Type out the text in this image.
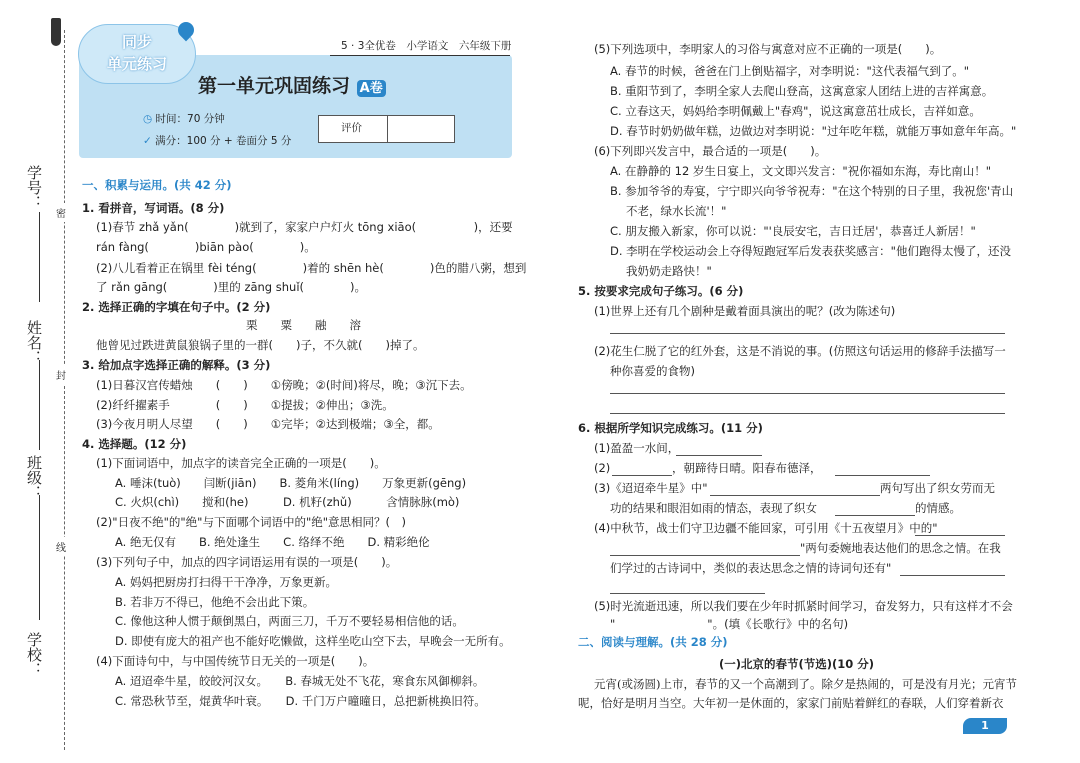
学号：
姓名：
班级：
学校：
密
封
线
同步
单元练习
5 · 3全优卷　小学语文　六年级下册
第一单元巩固练习 A卷
◷ 时间：70 分钟
✓ 满分：100 分 + 卷面分 5 分
评价
一、积累与运用。(共 42 分)
1. 看拼音，写词语。(8 分)
(1)春节 zhǎ yǎn(　　　　)就到了，家家户户灯火 tōng xiāo(　　　　　)，还要
rán fàng(　　　　)biān pào(　　　　)。
(2)八儿看着正在锅里 fèi téng(　　　　)着的 shēn hè(　　　　)色的腊八粥，想到
了 rǎn gāng(　　　　)里的 zāng shuǐ(　　　　)。
2. 选择正确的字填在句子中。(2 分)
栗　　粟　　融　　溶
他曾见过跌进黄鼠狼锅子里的一群(　　)子，不久就(　　)掉了。
3. 给加点字选择正确的解释。(3 分)
(1)日暮汉宫传蜡烛　　(　　)　　①傍晚；②(时间)将尽，晚；③沉下去。
(2)纤纤擢素手　　　　(　　)　　①提拔；②伸出；③洗。
(3)今夜月明人尽望　　(　　)　　①完毕；②达到极端；③全，都。
4. 选择题。(12 分)
(1)下面词语中，加点字的读音完全正确的一项是(　　)。
A. 唾沫(tuò)　　闫断(jiān)　　B. 菱角米(líng)　　万象更新(gēng)
C. 火炽(chì)　　搅和(he)　　　D. 机籽(zhǔ)　　　含情脉脉(mò)
(2)"日夜不绝"的"绝"与下面哪个词语中的"绝"意思相同？(　)
A. 绝无仅有　　B. 绝处逢生　　C. 络绎不绝　　D. 精彩绝伦
(3)下列句子中，加点的四字词语运用有误的一项是(　　)。
A. 妈妈把厨房打扫得干干净净，万象更新。
B. 若非万不得已，他绝不会出此下策。
C. 像他这种人惯于颠倒黑白，两面三刀，千万不要轻易相信他的话。
D. 即使有庞大的祖产也不能好吃懒做，这样坐吃山空下去，早晚会一无所有。
(4)下面诗句中，与中国传统节日无关的一项是(　　)。
A. 迢迢牵牛星，皎皎河汉女。　　B. 春城无处不飞花，寒食东风御柳斜。
C. 常恐秋节至，焜黄华叶衰。　　D. 千门万户曈曈日，总把新桃换旧符。
(5)下列选项中，李明家人的习俗与寓意对应不正确的一项是(　　)。
A. 春节的时候，爸爸在门上倒贴福字，对李明说："这代表福气到了。"
B. 重阳节到了，李明全家人去爬山登高，这寓意家人团结上进的吉祥寓意。
C. 立春这天，妈妈给李明佩戴上"春鸡"，说这寓意茁壮成长，吉祥如意。
D. 春节时奶奶做年糕，边做边对李明说："过年吃年糕，就能万事如意年年高。"
(6)下列即兴发言中，最合适的一项是(　　)。
A. 在静静的 12 岁生日宴上，文文即兴发言："祝你福如东海，寿比南山！"
B. 参加爷爷的寿宴，宁宁即兴向爷爷祝寿："在这个特别的日子里，我祝您'青山
不老，绿水长流'！"
C. 朋友搬入新家，你可以说："'良辰安宅，吉日迁居'，恭喜迁人新居！"
D. 李明在学校运动会上夺得短跑冠军后发表获奖感言："他们跑得太慢了，还没
我奶奶走路快！"
5. 按要求完成句子练习。(6 分)
(1)世界上还有几个剧种是戴着面具演出的呢？(改为陈述句)
(2)花生仁脱了它的红外套，这是不消说的事。(仿照这句话运用的修辞手法描写一
种你喜爱的食物)
6. 根据所学知识完成练习。(11 分)
(1)盈盈一水间，
(2)	，朝蹄待日晴。阳春布德泽，
(3)《迢迢牵牛星》中"	两句写出了织女劳而无
功的结果和眼泪如雨的情态，表现了织女	的情感。
(4)中秋节，战士们守卫边疆不能回家，可引用《十五夜望月》中的"
"两句委婉地表达他们的思念之情。在我
们学过的古诗词中，类似的表达思念之情的诗词句还有"
(5)时光流逝迅速，所以我们要在少年时抓紧时间学习，奋发努力，只有这样才不会
"　　　　　　　　"。(填《长歌行》中的名句)
二、阅读与理解。(共 28 分)
(一)北京的春节(节选)(10 分)
元宵(或汤圆)上市，春节的又一个高潮到了。除夕是热闹的，可是没有月光；元宵节
呢，恰好是明月当空。大年初一是休面的，家家门前贴着鲜红的春联，人们穿着新衣
1
